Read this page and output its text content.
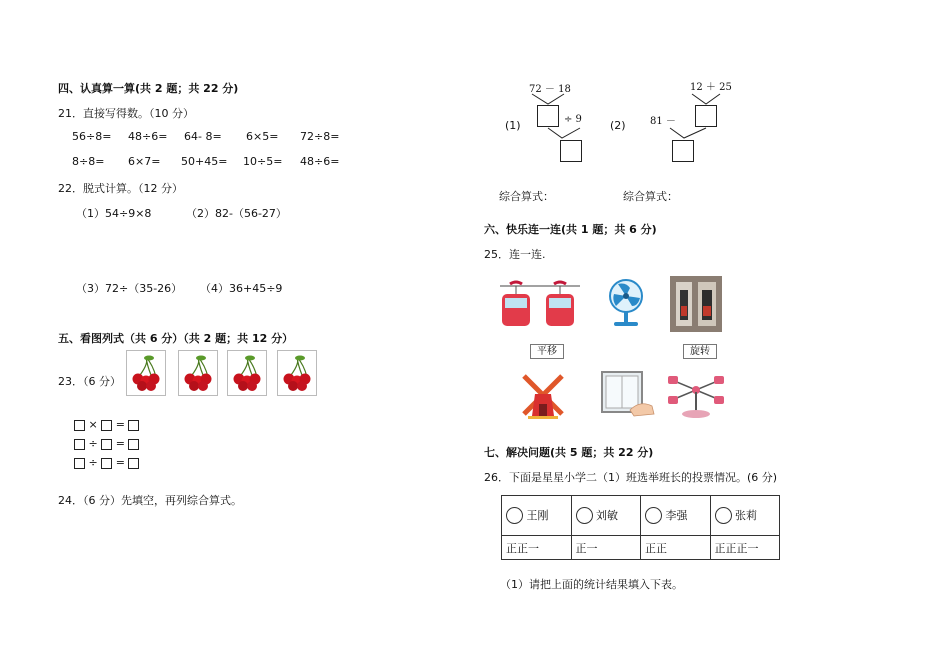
四、认真算一算(共 2 题；共 22 分)
21．直接写得数。（10 分）
56÷8= 48÷6= 64- 8= 6×5= 72÷8=
8÷8= 6×7= 50+45= 10÷5= 48÷6=
22．脱式计算。（12 分）
（1）54÷9×8	（2）82-（56-27）
（3）72÷（35-26） （4）36+45÷9
五、看图列式（共 6 分）（共 2 题；共 12 分）
23．（6 分）
× =
÷ =
÷ =
24．（6 分）先填空，再列综合算式。
72 － 18
(1)	÷ 9
12 ＋ 25
(2) 81 －
综合算式：	综合算式：
六、快乐连一连(共 1 题；共 6 分)
25．连一连.
平移	旋转
七、解决问题(共 5 题；共 22 分)
26．下面是星星小学二（1）班选举班长的投票情况。(6 分)
王刚	刘敏	李强	张莉
正正一	正一	正正	正正正一
（1）请把上面的统计结果填入下表。
